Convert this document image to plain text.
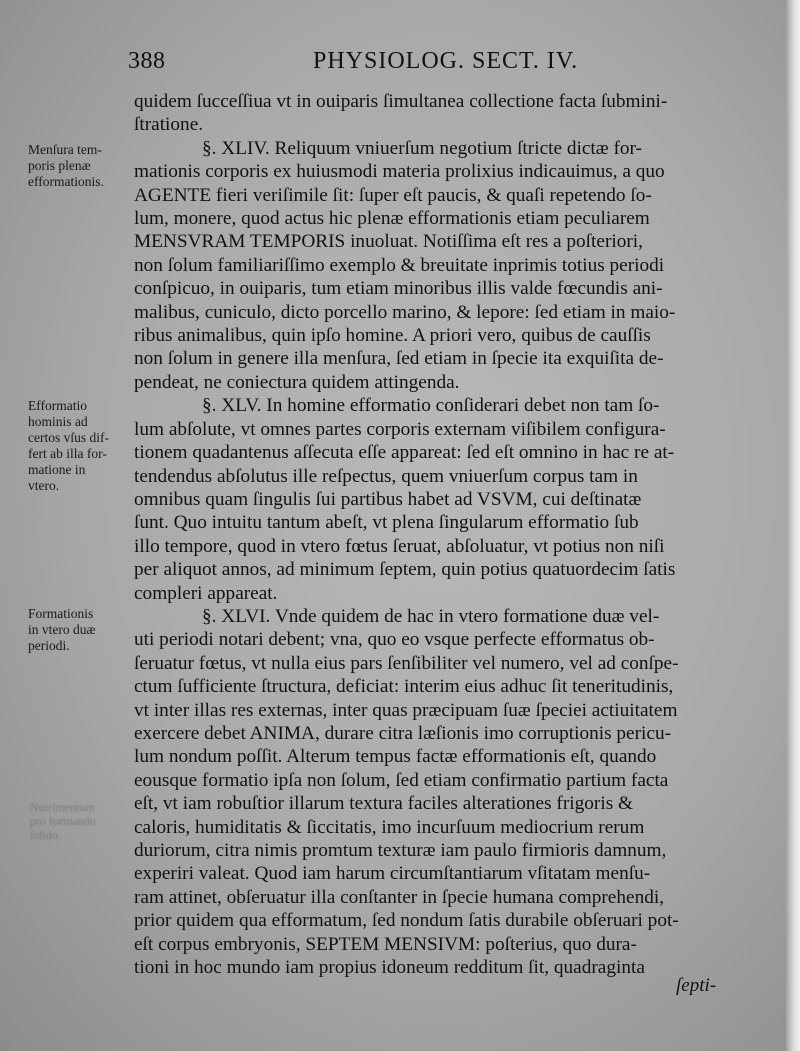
388	PHYSIOLOG. SECT. IV.
Menſura tem-
poris plenæ
efformationis.
Efformatio
hominis ad
certos vſus dif-
fert ab illa for-
matione in
vtero.
Formationis
in vtero duæ
periodi.
Nutrimentum
pro formando
ſolido.
quidem ſucceſſiua vt in ouiparis ſimultanea collectione facta ſubmini-
ſtratione.
§. XLIV. Reliquum vniuerſum negotium ſtricte dictæ for-
mationis corporis ex huiusmodi materia prolixius indicauimus, a quo
AGENTE fieri veriſimile ſit: ſuper eſt paucis, & quaſi repetendo ſo-
lum, monere, quod actus hic plenæ efformationis etiam peculiarem
MENSVRAM TEMPORIS inuoluat. Notiſſima eſt res a poſteriori,
non ſolum familiariſſimo exemplo & breuitate inprimis totius periodi
conſpicuo, in ouiparis, tum etiam minoribus illis valde fœcundis ani-
malibus, cuniculo, dicto porcello marino, & lepore: ſed etiam in maio-
ribus animalibus, quin ipſo homine. A priori vero, quibus de cauſſis
non ſolum in genere illa menſura, ſed etiam in ſpecie ita exquiſita de-
pendeat, ne coniectura quidem attingenda.
§. XLV. In homine efformatio conſiderari debet non tam ſo-
lum abſolute, vt omnes partes corporis externam viſibilem configura-
tionem quadantenus aſſecuta eſſe appareat: ſed eſt omnino in hac re at-
tendendus abſolutus ille reſpectus, quem vniuerſum corpus tam in
omnibus quam ſingulis ſui partibus habet ad VSVM, cui deſtinatæ
ſunt. Quo intuitu tantum abeſt, vt plena ſingularum efformatio ſub
illo tempore, quod in vtero fœtus ſeruat, abſoluatur, vt potius non niſi
per aliquot annos, ad minimum ſeptem, quin potius quatuordecim ſatis
compleri appareat.
§. XLVI. Vnde quidem de hac in vtero formatione duæ vel-
uti periodi notari debent; vna, quo eo vsque perfecte efformatus ob-
ſeruatur fœtus, vt nulla eius pars ſenſibiliter vel numero, vel ad conſpe-
ctum ſufficiente ſtructura, deficiat: interim eius adhuc ſit teneritudinis,
vt inter illas res externas, inter quas præcipuam ſuæ ſpeciei actiuitatem
exercere debet ANIMA, durare citra læſionis imo corruptionis pericu-
lum nondum poſſit. Alterum tempus factæ efformationis eſt, quando
eousque formatio ipſa non ſolum, ſed etiam confirmatio partium facta
eſt, vt iam robuſtior illarum textura faciles alterationes frigoris &
caloris, humiditatis & ſiccitatis, imo incurſuum mediocrium rerum
duriorum, citra nimis promtum texturæ iam paulo firmioris damnum,
experiri valeat. Quod iam harum circumſtantiarum vſitatam menſu-
ram attinet, obſeruatur illa conſtanter in ſpecie humana comprehendi,
prior quidem qua efformatum, ſed nondum ſatis durabile obſeruari pot-
eſt corpus embryonis, SEPTEM MENSIVM: poſterius, quo dura-
tioni in hoc mundo iam propius idoneum redditum ſit, quadraginta
ſepti-
